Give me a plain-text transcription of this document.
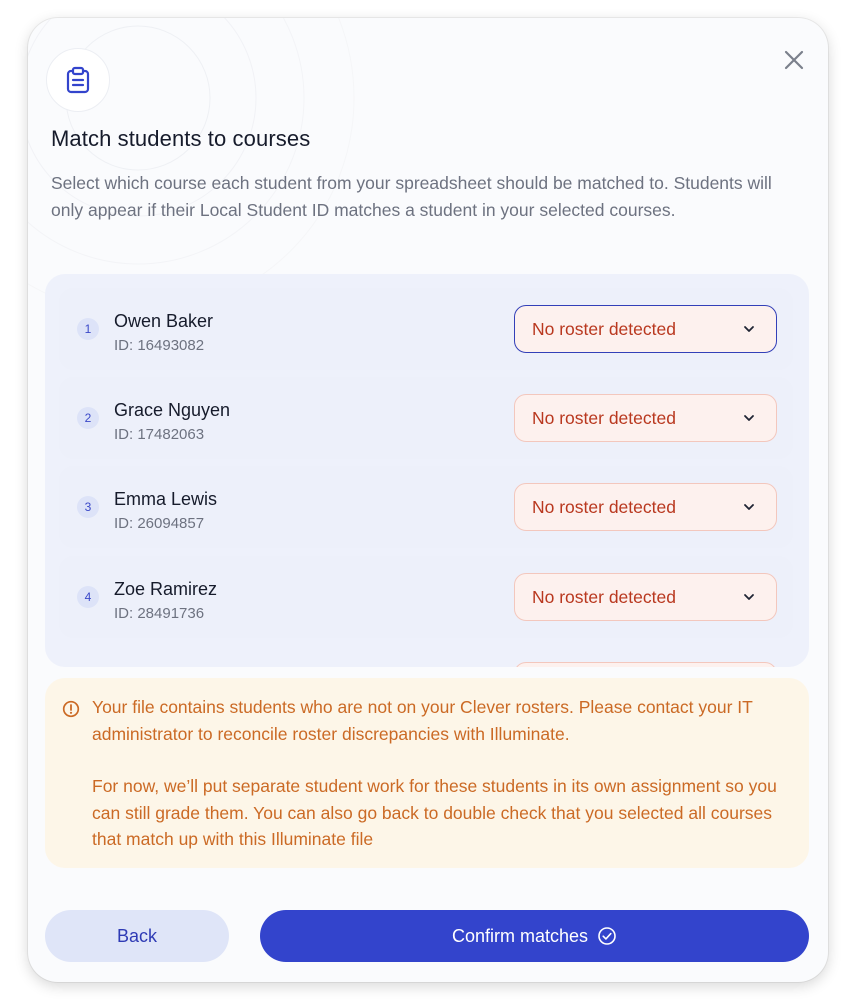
Match students to courses

Select which course each student from your spreadsheet should be matched to. Students will only appear if their Local Student ID matches a student in your selected courses.

1	Owen Baker
ID: 16493082
No roster detected
2	Grace Nguyen
ID: 17482063
No roster detected
3	Emma Lewis
ID: 26094857
No roster detected
4	Zoe Ramirez
ID: 28491736
No roster detected

Your file contains students who are not on your Clever rosters. Please contact your IT administrator to reconcile roster discrepancies with Illuminate.

For now, we’ll put separate student work for these students in its own assignment so you can still grade them. You can also go back to double check that you selected all courses that match up with this Illuminate file

Back	Confirm matches
